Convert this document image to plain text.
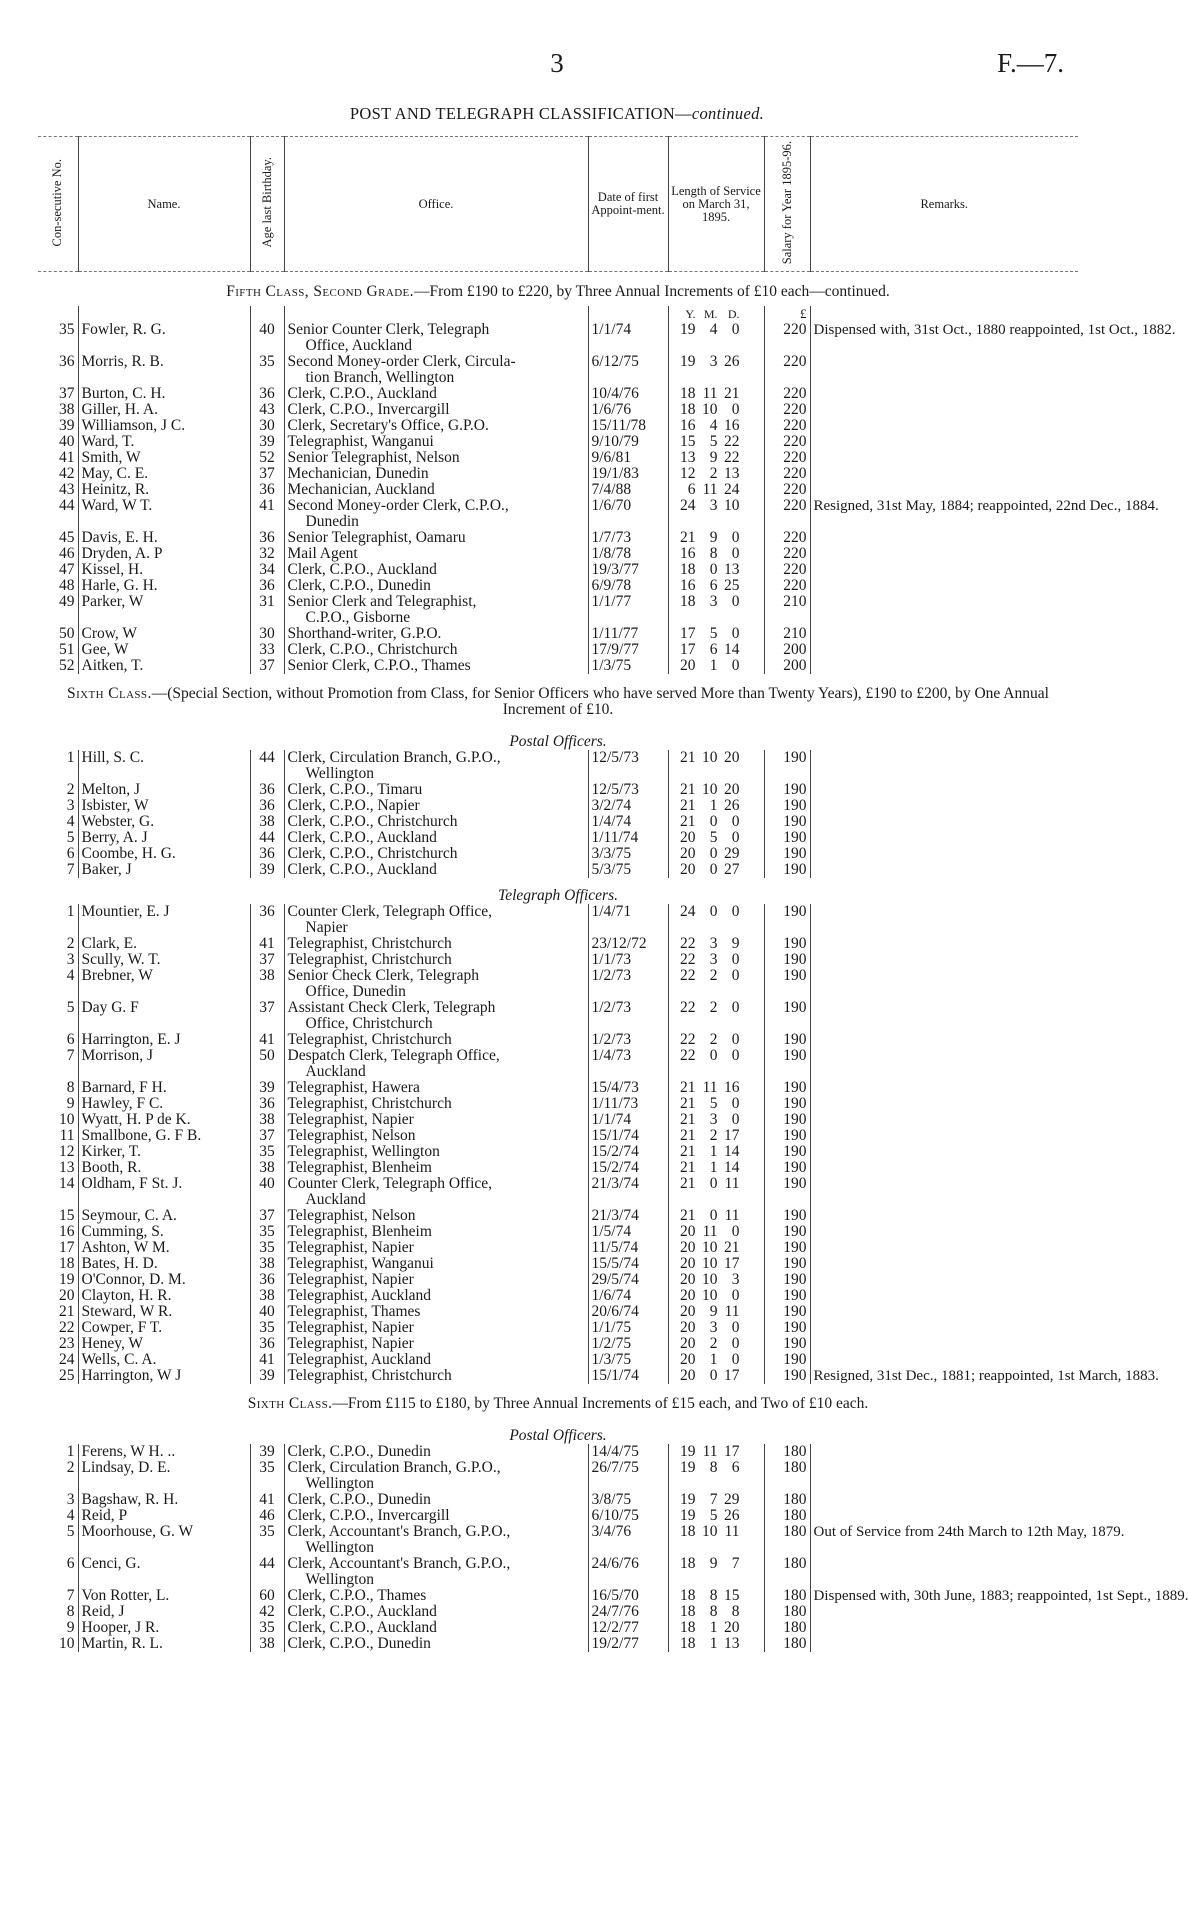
3	F.—7.
POST AND TELEGRAPH CLASSIFICATION—continued.
Con-secutive No.	Name.	Age last Birthday.	Office.	Date of first Appoint-ment.	Length of Service on March 31, 1895.	Salary for Year 1895-96.	Remarks.
Fifth Class, Second Grade.—From £190 to £220, by Three Annual Increments of £10 each—continued.							
					Y. M. D.	£	
35	Fowler, R. G.	40	Senior Counter Clerk, Telegraph
Office, Auckland	1/1/74	19 4 0	220	Dispensed with, 31st Oct., 1880 reappointed, 1st Oct., 1882.
36	Morris, R. B.	35	Second Money-order Clerk, Circula-
tion Branch, Wellington	6/12/75	19 3 26	220	
37	Burton, C. H.	36	Clerk, C.P.O., Auckland	10/4/76	18 11 21	220	
38	Giller, H. A.	43	Clerk, C.P.O., Invercargill	1/6/76	18 10 0	220	
39	Williamson, J C.	30	Clerk, Secretary's Office, G.P.O.	15/11/78	16 4 16	220	
40	Ward, T.	39	Telegraphist, Wanganui	9/10/79	15 5 22	220	
41	Smith, W	52	Senior Telegraphist, Nelson	9/6/81	13 9 22	220	
42	May, C. E.	37	Mechanician, Dunedin	19/1/83	12 2 13	220	
43	Heinitz, R.	36	Mechanician, Auckland	7/4/88	6 11 24	220	
44	Ward, W T.	41	Second Money-order Clerk, C.P.O.,
Dunedin	1/6/70	24 3 10	220	Resigned, 31st May, 1884; reappointed, 22nd Dec., 1884.
45	Davis, E. H.	36	Senior Telegraphist, Oamaru	1/7/73	21 9 0	220	
46	Dryden, A. P	32	Mail Agent	1/8/78	16 8 0	220	
47	Kissel, H.	34	Clerk, C.P.O., Auckland	19/3/77	18 0 13	220	
48	Harle, G. H.	36	Clerk, C.P.O., Dunedin	6/9/78	16 6 25	220	
49	Parker, W	31	Senior Clerk and Telegraphist,
C.P.O., Gisborne	1/1/77	18 3 0	210	
50	Crow, W	30	Shorthand-writer, G.P.O.	1/11/77	17 5 0	210	
51	Gee, W	33	Clerk, C.P.O., Christchurch	17/9/77	17 6 14	200	
52	Aitken, T.	37	Senior Clerk, C.P.O., Thames	1/3/75	20 1 0	200	
Sixth Class.—(Special Section, without Promotion from Class, for Senior Officers who have served More than Twenty Years), £190 to £200, by One Annual Increment of £10.							
Postal Officers.							
1	Hill, S. C.	44	Clerk, Circulation Branch, G.P.O.,
Wellington	12/5/73	21 10 20	190	
2	Melton, J	36	Clerk, C.P.O., Timaru	12/5/73	21 10 20	190	
3	Isbister, W	36	Clerk, C.P.O., Napier	3/2/74	21 1 26	190	
4	Webster, G.	38	Clerk, C.P.O., Christchurch	1/4/74	21 0 0	190	
5	Berry, A. J	44	Clerk, C.P.O., Auckland	1/11/74	20 5 0	190	
6	Coombe, H. G.	36	Clerk, C.P.O., Christchurch	3/3/75	20 0 29	190	
7	Baker, J	39	Clerk, C.P.O., Auckland	5/3/75	20 0 27	190	
Telegraph Officers.							
1	Mountier, E. J	36	Counter Clerk, Telegraph Office,
Napier	1/4/71	24 0 0	190	
2	Clark, E.	41	Telegraphist, Christchurch	23/12/72	22 3 9	190	
3	Scully, W. T.	37	Telegraphist, Christchurch	1/1/73	22 3 0	190	
4	Brebner, W	38	Senior Check Clerk, Telegraph
Office, Dunedin	1/2/73	22 2 0	190	
5	Day G. F	37	Assistant Check Clerk, Telegraph
Office, Christchurch	1/2/73	22 2 0	190	
6	Harrington, E. J	41	Telegraphist, Christchurch	1/2/73	22 2 0	190	
7	Morrison, J	50	Despatch Clerk, Telegraph Office,
Auckland	1/4/73	22 0 0	190	
8	Barnard, F H.	39	Telegraphist, Hawera	15/4/73	21 11 16	190	
9	Hawley, F C.	36	Telegraphist, Christchurch	1/11/73	21 5 0	190	
10	Wyatt, H. P de K.	38	Telegraphist, Napier	1/1/74	21 3 0	190	
11	Smallbone, G. F B.	37	Telegraphist, Nelson	15/1/74	21 2 17	190	
12	Kirker, T.	35	Telegraphist, Wellington	15/2/74	21 1 14	190	
13	Booth, R.	38	Telegraphist, Blenheim	15/2/74	21 1 14	190	
14	Oldham, F St. J.	40	Counter Clerk, Telegraph Office,
Auckland	21/3/74	21 0 11	190	
15	Seymour, C. A.	37	Telegraphist, Nelson	21/3/74	21 0 11	190	
16	Cumming, S.	35	Telegraphist, Blenheim	1/5/74	20 11 0	190	
17	Ashton, W M.	35	Telegraphist, Napier	11/5/74	20 10 21	190	
18	Bates, H. D.	38	Telegraphist, Wanganui	15/5/74	20 10 17	190	
19	O'Connor, D. M.	36	Telegraphist, Napier	29/5/74	20 10 3	190	
20	Clayton, H. R.	38	Telegraphist, Auckland	1/6/74	20 10 0	190	
21	Steward, W R.	40	Telegraphist, Thames	20/6/74	20 9 11	190	
22	Cowper, F T.	35	Telegraphist, Napier	1/1/75	20 3 0	190	
23	Heney, W	36	Telegraphist, Napier	1/2/75	20 2 0	190	
24	Wells, C. A.	41	Telegraphist, Auckland	1/3/75	20 1 0	190	
25	Harrington, W J	39	Telegraphist, Christchurch	15/1/74	20 0 17	190	Resigned, 31st Dec., 1881; reappointed, 1st March, 1883.
Sixth Class.—From £115 to £180, by Three Annual Increments of £15 each, and Two of £10 each.							
Postal Officers.							
1	Ferens, W H. ..	39	Clerk, C.P.O., Dunedin	14/4/75	19 11 17	180	
2	Lindsay, D. E.	35	Clerk, Circulation Branch, G.P.O.,
Wellington	26/7/75	19 8 6	180	
3	Bagshaw, R. H.	41	Clerk, C.P.O., Dunedin	3/8/75	19 7 29	180	
4	Reid, P	46	Clerk, C.P.O., Invercargill	6/10/75	19 5 26	180	
5	Moorhouse, G. W	35	Clerk, Accountant's Branch, G.P.O.,
Wellington	3/4/76	18 10 11	180	Out of Service from 24th March to 12th May, 1879.
6	Cenci, G.	44	Clerk, Accountant's Branch, G.P.O.,
Wellington	24/6/76	18 9 7	180	
7	Von Rotter, L.	60	Clerk, C.P.O., Thames	16/5/70	18 8 15	180	Dispensed with, 30th June, 1883; reappointed, 1st Sept., 1889.
8	Reid, J	42	Clerk, C.P.O., Auckland	24/7/76	18 8 8	180	
9	Hooper, J R.	35	Clerk, C.P.O., Auckland	12/2/77	18 1 20	180	
10	Martin, R. L.	38	Clerk, C.P.O., Dunedin	19/2/77	18 1 13	180	
